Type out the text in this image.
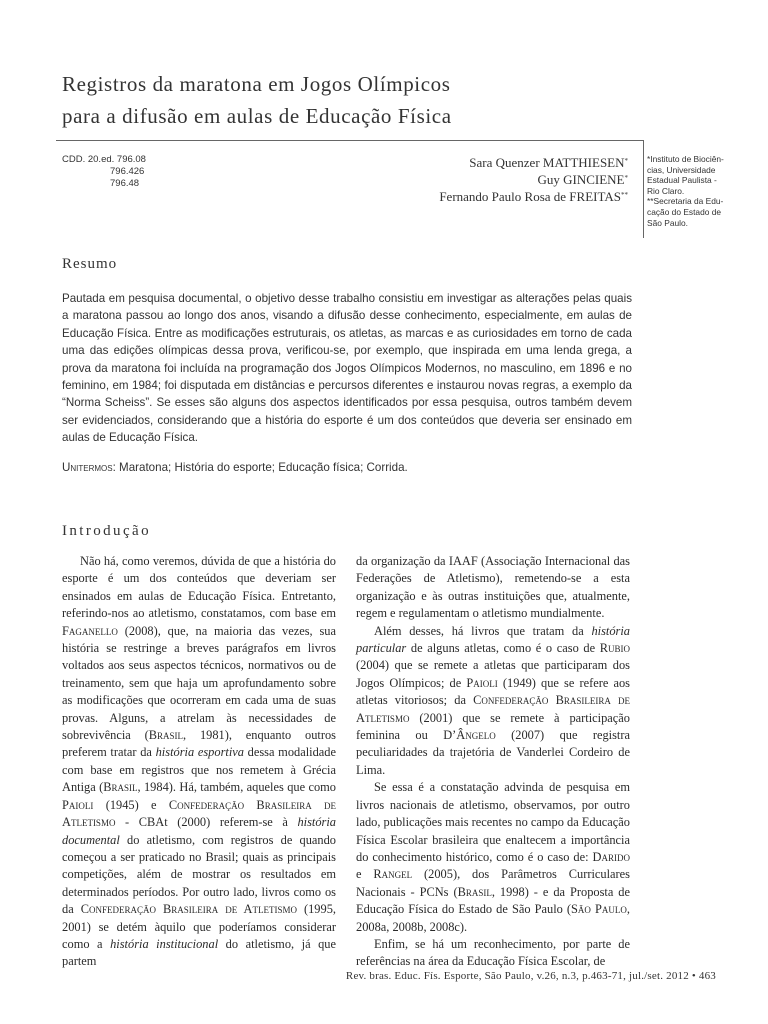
Registros da maratona em Jogos Olímpicos
para a difusão em aulas de Educação Física
CDD. 20.ed. 796.08
796.426
796.48
Sara Quenzer MATTHIESEN*
Guy GINCIENE*
Fernando Paulo Rosa de FREITAS**
*Instituto de Biociên-cias, Universidade Estadual Paulista - Rio Claro.
**Secretaria da Edu-cação do Estado de São Paulo.
Resumo
Pautada em pesquisa documental, o objetivo desse trabalho consistiu em investigar as alterações pelas quais a maratona passou ao longo dos anos, visando a difusão desse conhecimento, especialmente, em aulas de Educação Física. Entre as modificações estruturais, os atletas, as marcas e as curiosidades em torno de cada uma das edições olímpicas dessa prova, verificou-se, por exemplo, que inspirada em uma lenda grega, a prova da maratona foi incluída na programação dos Jogos Olímpicos Modernos, no masculino, em 1896 e no feminino, em 1984; foi disputada em distâncias e percursos diferentes e instaurou novas regras, a exemplo da “Norma Scheiss”. Se esses são alguns dos aspectos identificados por essa pesquisa, outros também devem ser evidenciados, considerando que a história do esporte é um dos conteúdos que deveria ser ensinado em aulas de Educação Física.
Unitermos: Maratona; História do esporte; Educação física; Corrida.
Introdução

Não há, como veremos, dúvida de que a história do esporte é um dos conteúdos que deveriam ser ensinados em aulas de Educação Física. Entretanto, referindo-nos ao atletismo, constatamos, com base em Faganello (2008), que, na maioria das vezes, sua história se restringe a breves parágrafos em livros voltados aos seus aspectos técnicos, normativos ou de treinamento, sem que haja um aprofundamento sobre as modificações que ocorreram em cada uma de suas provas. Alguns, a atrelam às necessidades de sobrevivência (Brasil, 1981), enquanto outros preferem tratar da história esportiva dessa modalidade com base em registros que nos remetem à Grécia Antiga (Brasil, 1984). Há, também, aqueles que como Paioli (1945) e Confederação Brasileira de Atletismo - CBAt (2000) referem-se à história documental do atletismo, com registros de quando começou a ser praticado no Brasil; quais as principais competições, além de mostrar os resultados em determinados períodos. Por outro lado, livros como os da Confederação Brasileira de Atletismo (1995, 2001) se detém àquilo que poderíamos considerar como a história institucional do atletismo, já que partem

da organização da IAAF (Associação Internacional das Federações de Atletismo), remetendo-se a esta organização e às outras instituições que, atualmente, regem e regulamentam o atletismo mundialmente.

Além desses, há livros que tratam da história particular de alguns atletas, como é o caso de Rubio (2004) que se remete a atletas que participaram dos Jogos Olímpicos; de Paioli (1949) que se refere aos atletas vitoriosos; da Confederação Brasileira de Atletismo (2001) que se remete à participação feminina ou D’Ângelo (2007) que registra peculiaridades da trajetória de Vanderlei Cordeiro de Lima.

Se essa é a constatação advinda de pesquisa em livros nacionais de atletismo, observamos, por outro lado, publicações mais recentes no campo da Educação Física Escolar brasileira que enaltecem a importância do conhecimento histórico, como é o caso de: Darido e Rangel (2005), dos Parâmetros Curriculares Nacionais - PCNs (Brasil, 1998) - e da Proposta de Educação Física do Estado de São Paulo (São Paulo, 2008a, 2008b, 2008c).

Enfim, se há um reconhecimento, por parte de referências na área da Educação Física Escolar, de

Rev. bras. Educ. Fís. Esporte, São Paulo, v.26, n.3, p.463-71, jul./set. 2012 • 463
